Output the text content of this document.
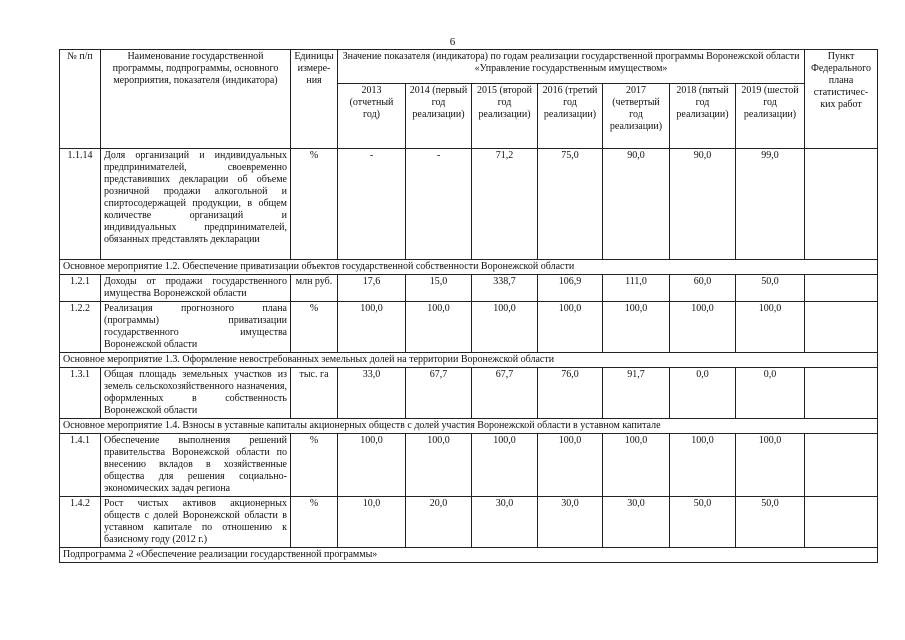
6
№ п/п	Наименование государственной программы, подпрограммы, основного мероприятия, показателя (индикатора)	Единицы измере-ния	Значение показателя (индикатора) по годам реализации государственной программы Воронежской области «Управление государственным имуществом»							Пункт Федерального плана статистичес-ких работ
			2013 (отчетный год)	2014 (первый год реализации)	2015 (второй год реализации)	2016 (третий год реализации)	2017 (четвертый год реализации)	2018 (пятый год реализации)	2019 (шестой год реализации)	
1.1.14	Доля организаций и индивидуальных предпринимателей, своевременно представивших декларации об объеме розничной продажи алкогольной и спиртосодержащей продукции, в общем количестве организаций и индивидуальных предпринимателей, обязанных представлять декларации	%	-	-	71,2	75,0	90,0	90,0	99,0	
Основное мероприятие 1.2. Обеспечение приватизации объектов государственной собственности Воронежской области										
1.2.1	Доходы от продажи государственного имущества Воронежской области	млн руб.	17,6	15,0	338,7	106,9	111,0	60,0	50,0	
1.2.2	Реализация прогнозного плана (программы) приватизации государственного имущества Воронежской области	%	100,0	100,0	100,0	100,0	100,0	100,0	100,0	
Основное мероприятие 1.3. Оформление невостребованных земельных долей на территории Воронежской области										
1.3.1	Общая площадь земельных участков из земель сельскохозяйственного назначения, оформленных в собственность Воронежской области	тыс. га	33,0	67,7	67,7	76,0	91,7	0,0	0,0	
Основное мероприятие 1.4. Взносы в уставные капиталы акционерных обществ с долей участия Воронежской области в уставном капитале										
1.4.1	Обеспечение выполнения решений правительства Воронежской области по внесению вкладов в хозяйственные общества для решения социально-экономических задач региона	%	100,0	100,0	100,0	100,0	100,0	100,0	100,0	
1.4.2	Рост чистых активов акционерных обществ с долей Воронежской области в уставном капитале по отношению к базисному году (2012 г.)	%	10,0	20,0	30,0	30,0	30,0	50,0	50,0	
Подпрограмма 2 «Обеспечение реализации государственной программы»										
